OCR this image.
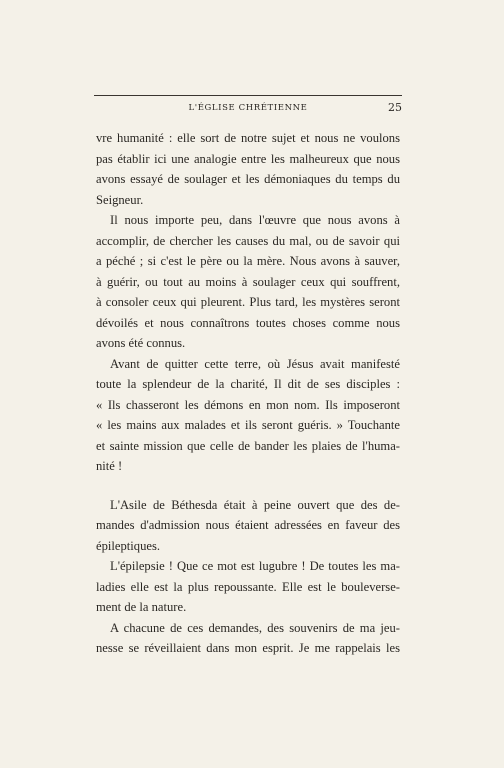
L'ÉGLISE CHRÉTIENNE	25
vre humanité : elle sort de notre sujet et nous ne voulons
pas établir ici une analogie entre les malheureux que nous
avons essayé de soulager et les démoniaques du temps du
Seigneur.
Il nous importe peu, dans l'œuvre que nous avons à
accomplir, de chercher les causes du mal, ou de savoir qui
a péché ; si c'est le père ou la mère. Nous avons à sauver,
à guérir, ou tout au moins à soulager ceux qui souffrent,
à consoler ceux qui pleurent. Plus tard, les mystères seront
dévoilés et nous connaîtrons toutes choses comme nous
avons été connus.
Avant de quitter cette terre, où Jésus avait manifesté
toute la splendeur de la charité, Il dit de ses disciples :
« Ils chasseront les démons en mon nom. Ils imposeront
« les mains aux malades et ils seront guéris. » Touchante
et sainte mission que celle de bander les plaies de l'huma-
nité !
L'Asile de Béthesda était à peine ouvert que des de-
mandes d'admission nous étaient adressées en faveur des
épileptiques.
L'épilepsie ! Que ce mot est lugubre ! De toutes les ma-
ladies elle est la plus repoussante. Elle est le bouleverse-
ment de la nature.
A chacune de ces demandes, des souvenirs de ma jeu-
nesse se réveillaient dans mon esprit. Je me rappelais les
